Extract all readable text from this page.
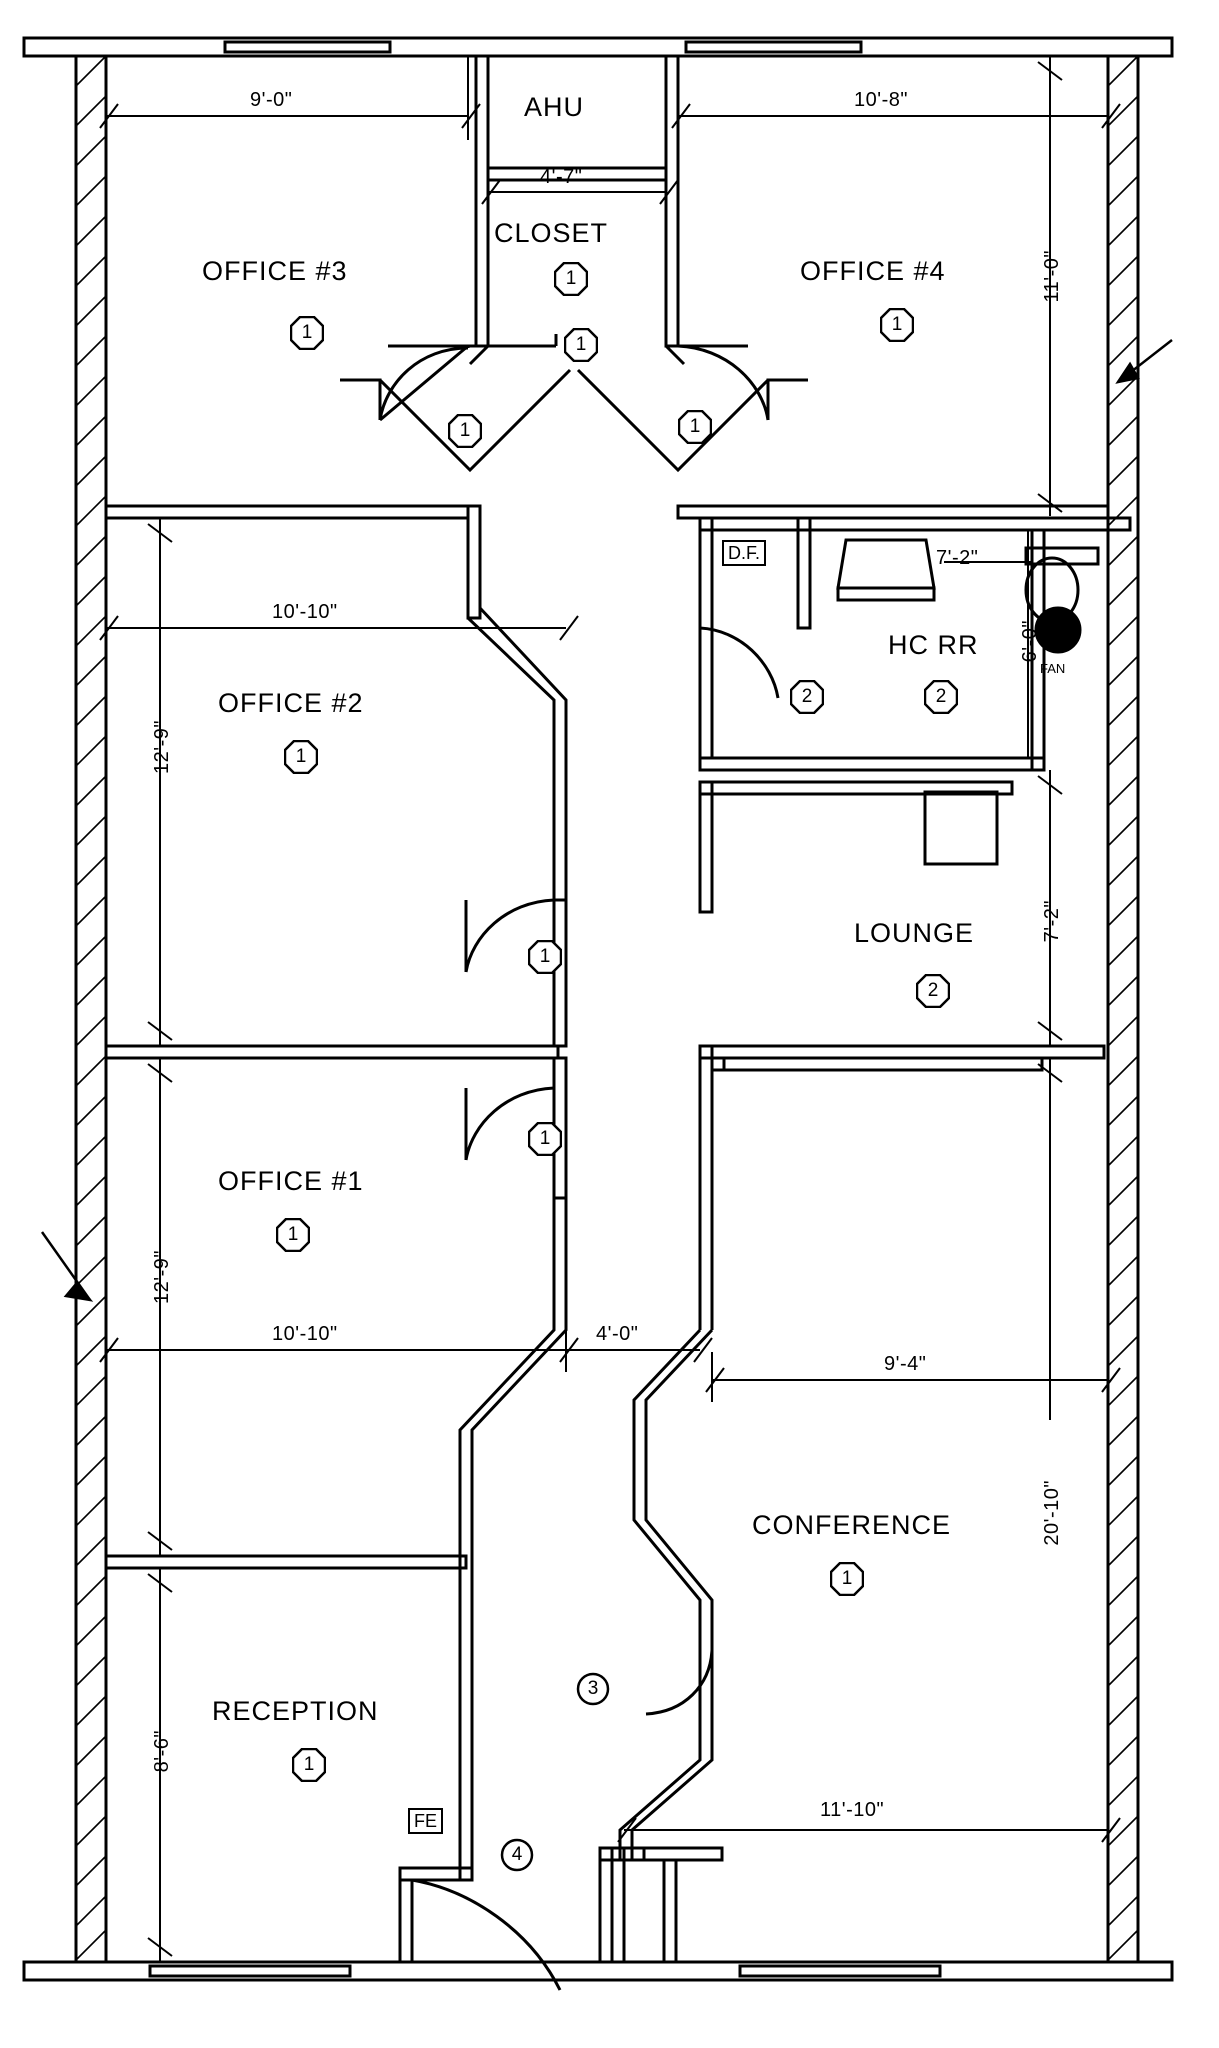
OFFICE #3
AHU
CLOSET
OFFICE #4
OFFICE #2
HC RR
LOUNGE
OFFICE #1
CONFERENCE
RECEPTION
1
1
1
1
1
2	2
2
1
1
1
1	1
1
1
3
4
9'-0"
4'-7"
10'-8"
11'-0"
10'-10"
12'-9"
10'-10"
12'-9"
4'-0"
9'-4"
20'-10"
7'-2"
6'-0"
7'-2"
8'-6"
11'-10"
D.F.
FAN
FE
